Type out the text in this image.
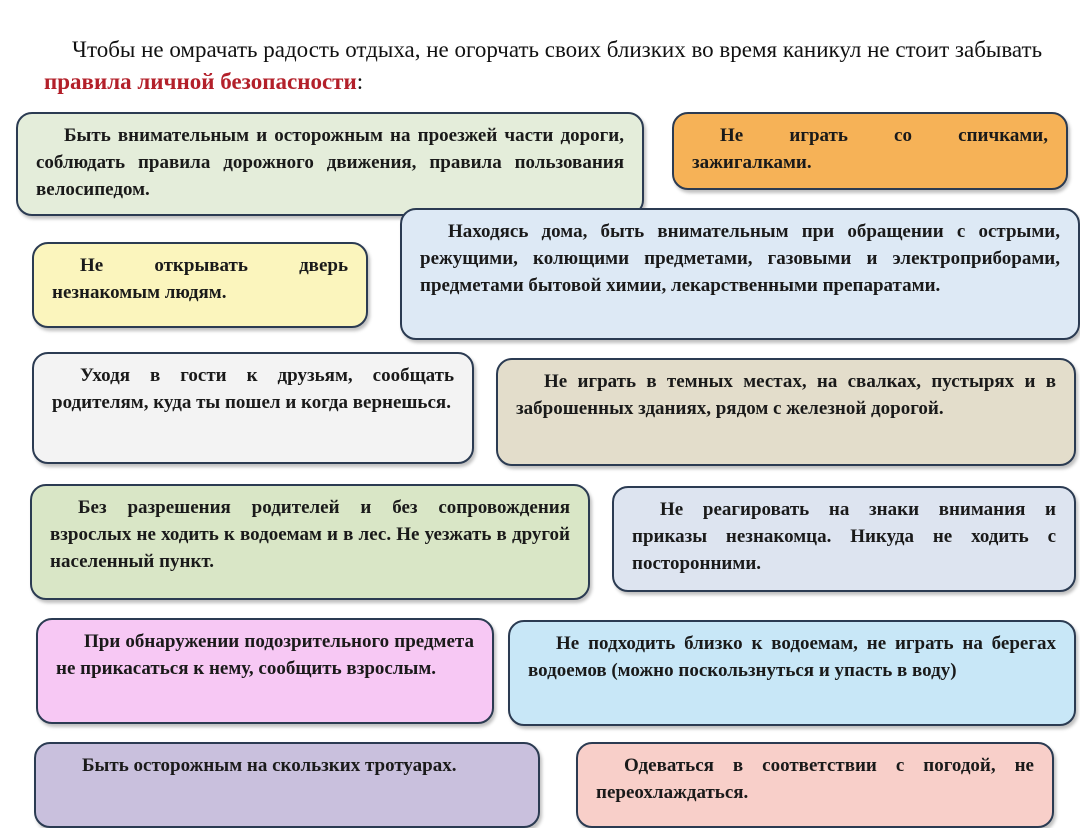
Чтобы не омрачать радость отдыха, не огорчать своих близких во время каникул не стоит забывать правила личной безопасности:
Быть внимательным и осторожным на проезжей части дороги, соблюдать правила дорожного движения, правила пользования велосипедом.
Не играть со спичками, зажигалками.
Находясь дома, быть внимательным при обращении с острыми, режущими, колющими предметами, газовыми и электроприборами, предметами бытовой химии, лекарственными препаратами.
Не открывать дверь незнакомым людям.
Уходя в гости к друзьям, сообщать родителям, куда ты пошел и когда вернешься.
Не играть в темных местах, на свалках, пустырях и в заброшенных зданиях, рядом с железной дорогой.
Без разрешения родителей и без сопровождения взрослых не ходить к водоемам и в лес. Не уезжать в другой населенный пункт.
Не реагировать на знаки внимания и приказы незнакомца. Никуда не ходить с посторонними.
При обнаружении подозрительного предмета не прикасаться к нему, сообщить взрослым.
Не подходить близко к водоемам, не играть на берегах водоемов (можно поскользнуться и упасть в воду)
Быть осторожным на скользких тротуарах.	Одеваться в соответствии с погодой, не переохлаждаться.
